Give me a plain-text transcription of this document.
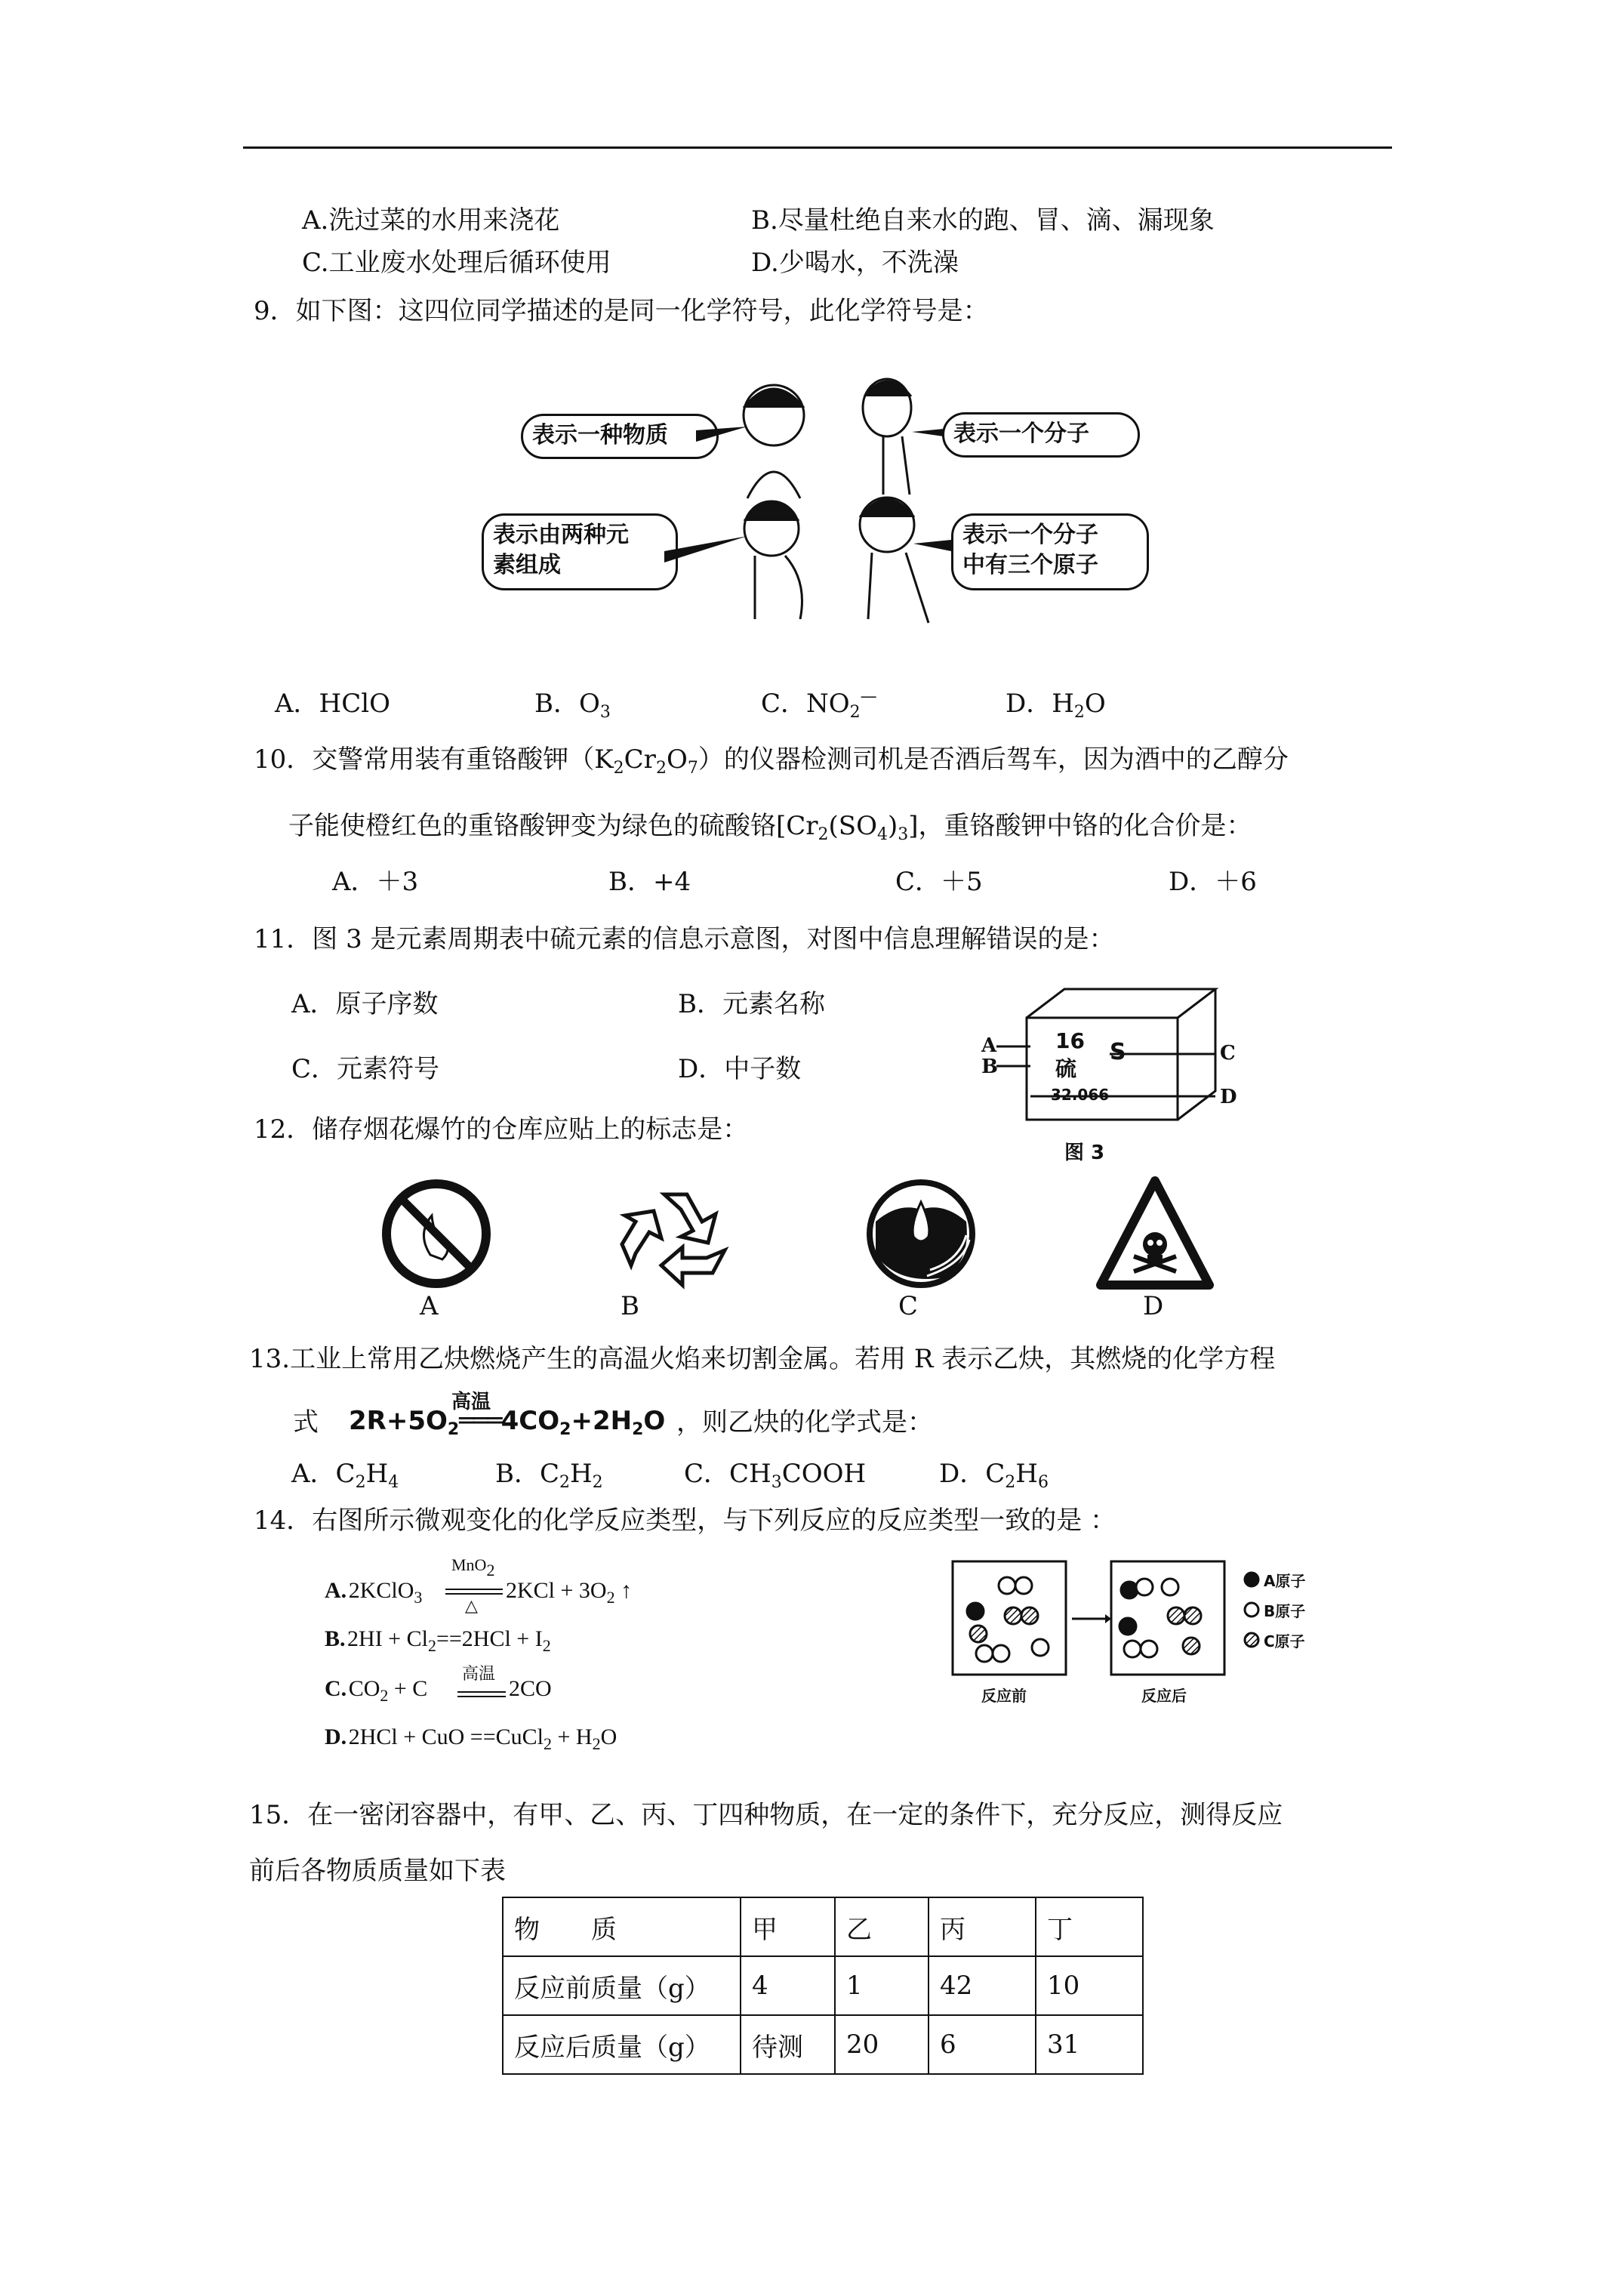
A.洗过菜的水用来浇花	B.尽量杜绝自来水的跑、冒、滴、漏现象
C.工业废水处理后循环使用	D.少喝水，不洗澡
9．如下图：这四位同学描述的是同一化学符号，此化学符号是：
表示一种物质	表示一个分子
表示由两种元
素组成
表示一个分子
中有三个原子
A．HClO	B．$O_3$	C．$NO_2^—$	D．$H_2O$
10．交警常用装有重铬酸钾$(K_2Cr_2O_7)$的仪器检测司机是否酒后驾车，因为酒中的乙醇分
子能使橙红色的重铬酸钾变为绿色的硫酸铬$[Cr_2(SO_4)_3]$，重铬酸钾中铬的化合价是：
A．＋3	B．+4	C．＋5	D．＋6
11．图 3 是元素周期表中硫元素的信息示意图，对图中信息理解错误的是：
A．原子序数	B．元素名称
C．元素符号	D．中子数
16
硫
S
32.066
A
B
C
D
图 3
12．储存烟花爆竹的仓库应贴上的标志是：
A	B	C	D
13.工业上常用乙炔燃烧产生的高温火焰来切割金属。若用 R 表示乙炔，其燃烧的化学方程
式
高温
$2R+5O_2═══4CO_2+2H_2O$ ，则乙炔的化学式是：
A．$C_2H_4$	B．$C_2H_2$	C．$CH_3COOH$	D．$C_2H_6$
14．右图所示微观变化的化学反应类型，与下列反应的反应类型一致的是 ：
A. 2KClO$_3$
MnO2
△
$2KCl + 3O_2$ ↑
B. $2HI + Cl_2==2HCl + I_2$
C. $CO_2 + C$
高温
2CO
D. 2HCl + CuO ==CuCl$_2$ + $H_2O$
A原子
B原子
C原子
反应前	反应后
15．在一密闭容器中，有甲、乙、丙、丁四种物质，在一定的条件下，充分反应，测得反应
前后各物质质量如下表
物　　质	甲	乙	丙	丁
反应前质量（g）	4	1	42	10
反应后质量（g）	待测	20	6	31
